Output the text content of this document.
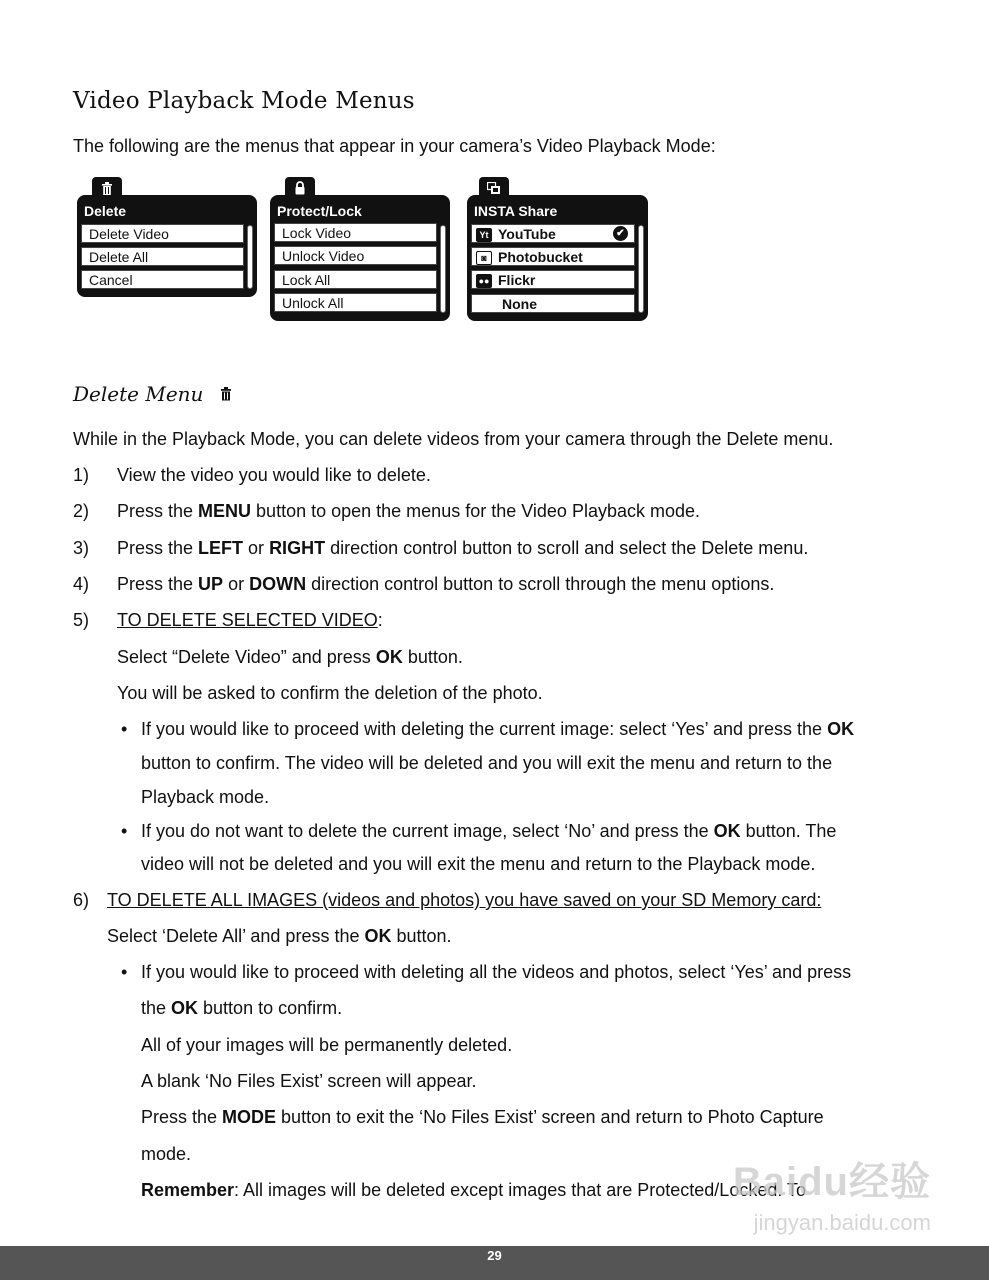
Video Playback Mode Menus
The following are the menus that appear in your camera’s Video Playback Mode:
Delete
Delete Video
Delete All
Cancel
Protect/Lock
Lock Video
Unlock Video
Lock All
Unlock All
INSTA Share
Yt YouTube	✔
◙ Photobucket
●● Flickr
None
Delete Menu
While in the Playback Mode, you can delete videos from your camera through the Delete menu.
1) View the video you would like to delete.
2) Press the MENU button to open the menus for the Video Playback mode.
3) Press the LEFT or RIGHT direction control button to scroll and select the Delete menu.
4) Press the UP or DOWN direction control button to scroll through the menu options.
5) TO DELETE SELECTED VIDEO:
Select “Delete Video” and press OK button.
You will be asked to confirm the deletion of the photo.
• If you would like to proceed with deleting the current image: select ‘Yes’ and press the OK
button to confirm. The video will be deleted and you will exit the menu and return to the
Playback mode.
• If you do not want to delete the current image, select ‘No’ and press the OK button. The
video will not be deleted and you will exit the menu and return to the Playback mode.
6) TO DELETE ALL IMAGES (videos and photos) you have saved on your SD Memory card:
Select ‘Delete All’ and press the OK button.
• If you would like to proceed with deleting all the videos and photos, select ‘Yes’ and press
the OK button to confirm.
All of your images will be permanently deleted.
A blank ‘No Files Exist’ screen will appear.
Press the MODE button to exit the ‘No Files Exist’ screen and return to Photo Capture
mode.
Remember: All images will be deleted except images that are Protected/Locked. To
Baidu经验
jingyan.baidu.com
29
